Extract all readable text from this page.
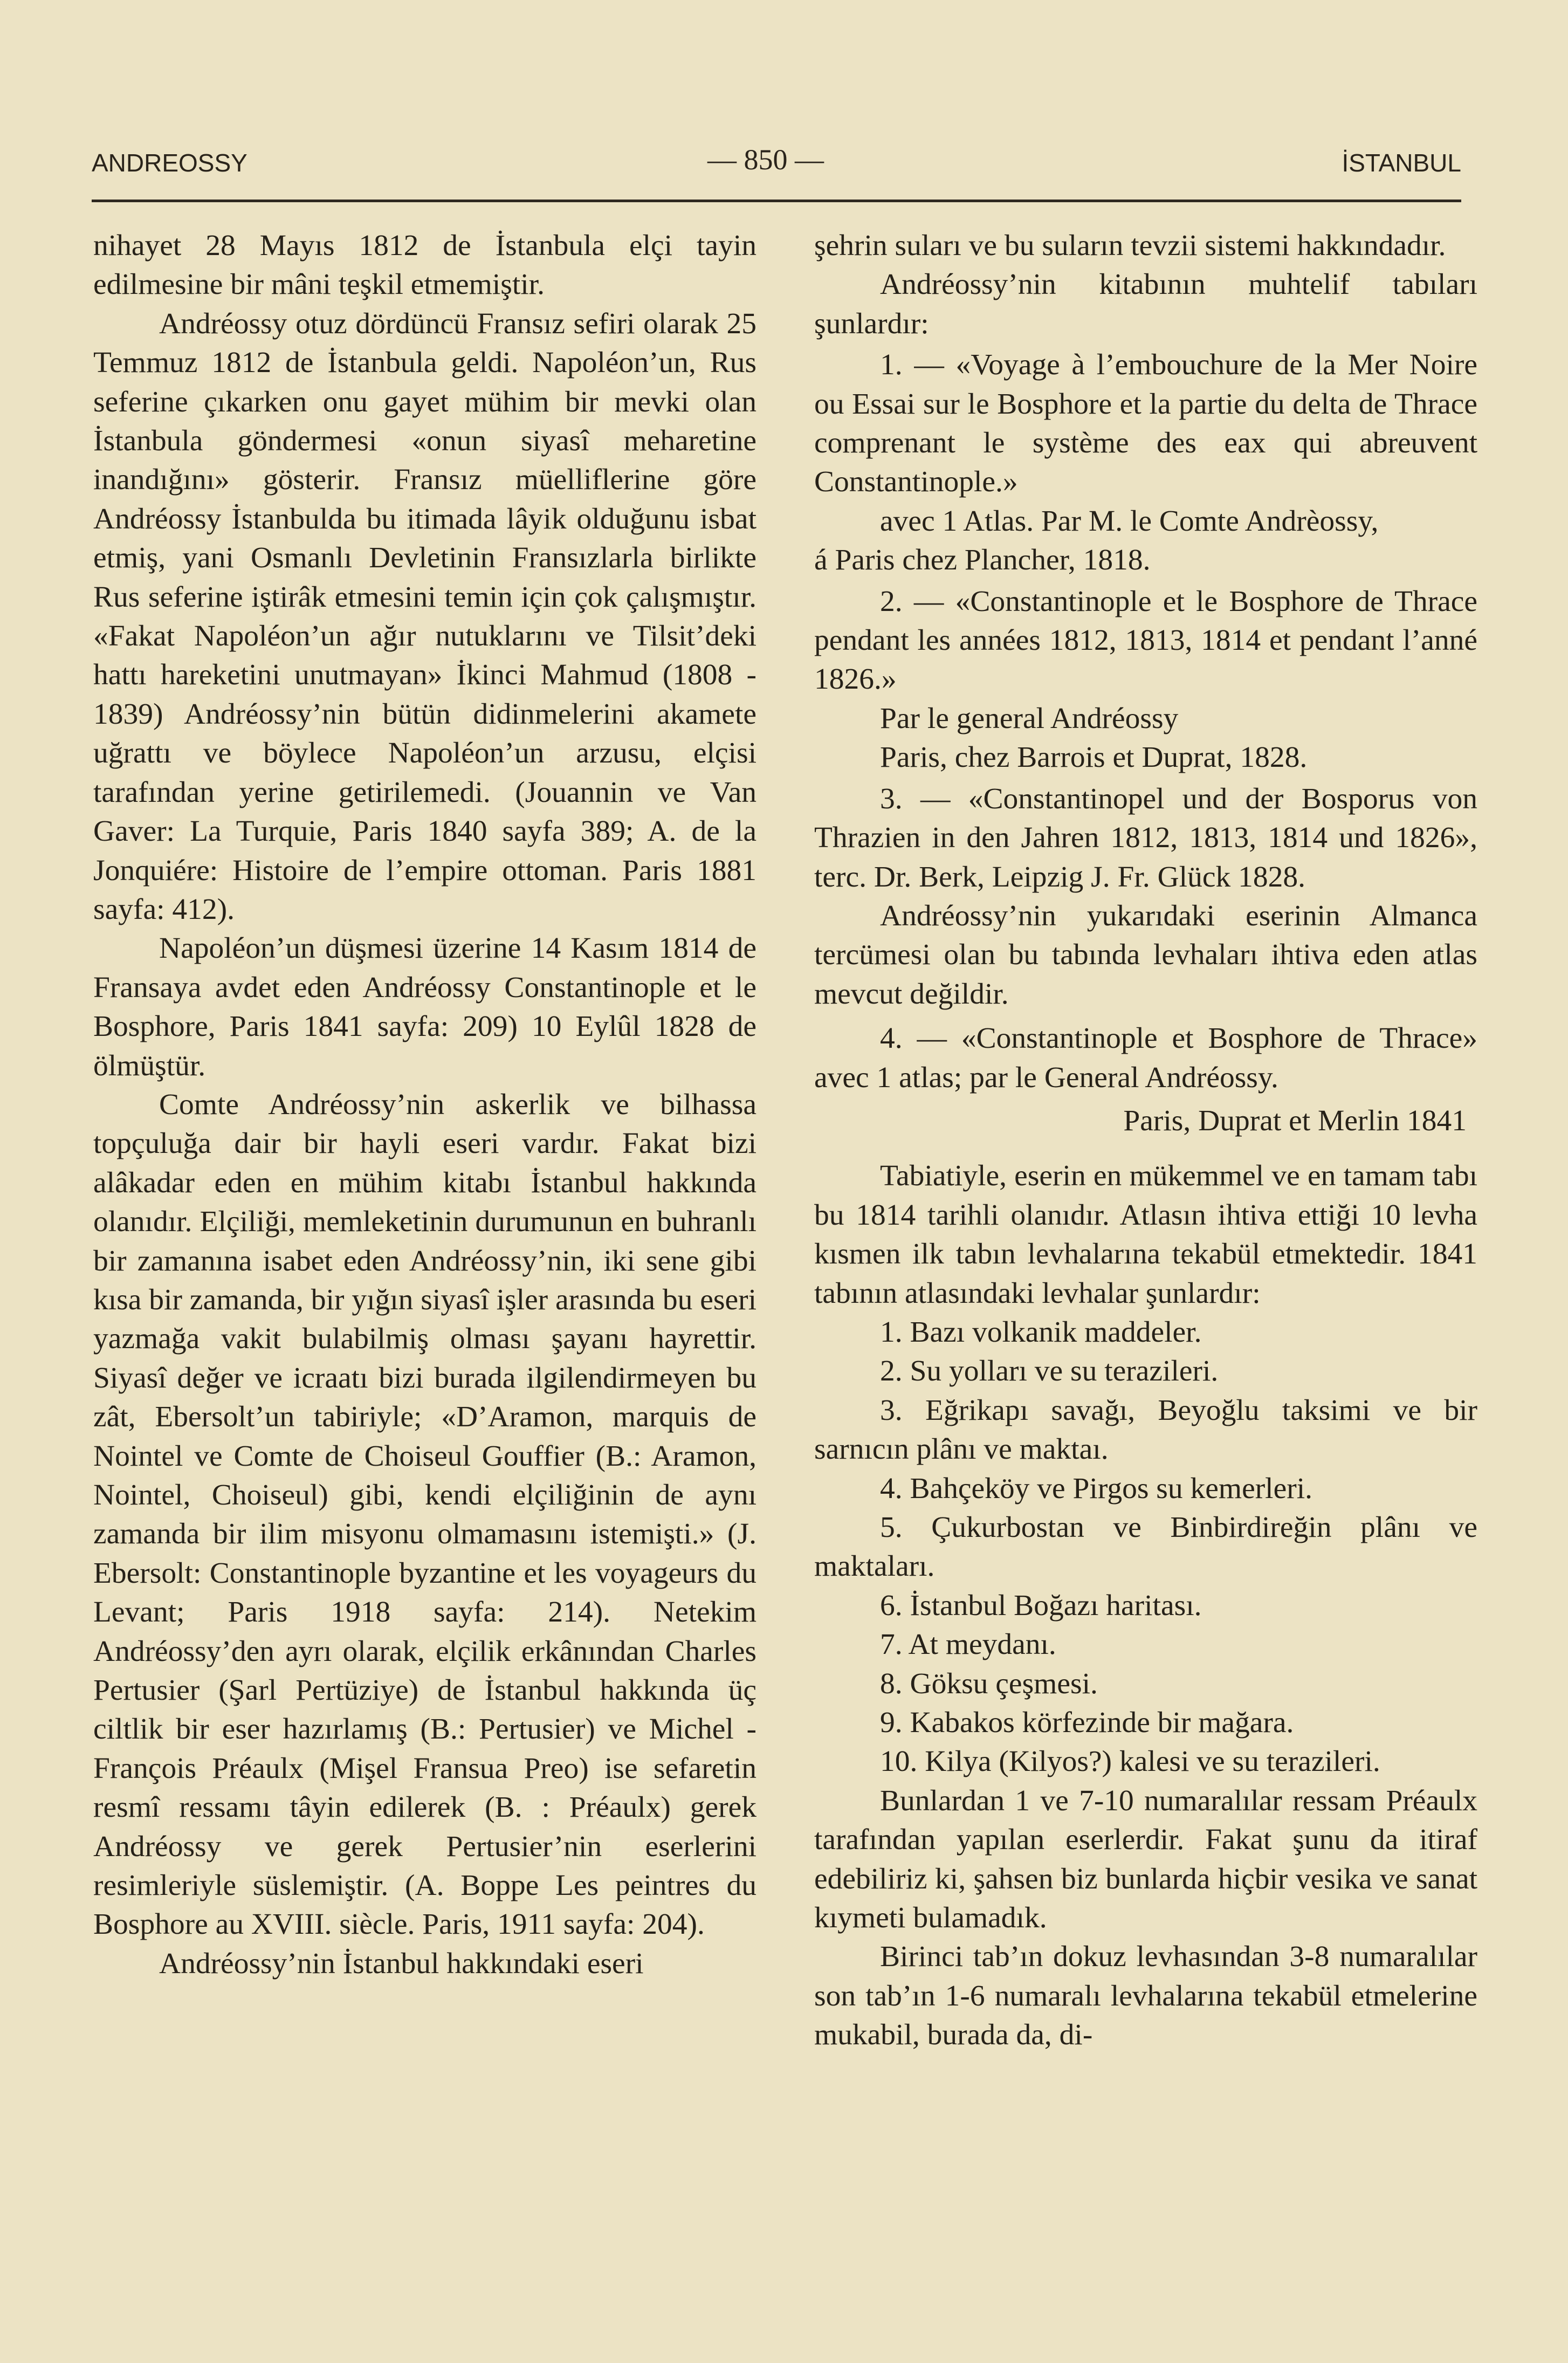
ANDREOSSY	— 850 —	İSTANBUL

nihayet 28 Mayıs 1812 de İstanbula elçi tayin edilmesine bir mâni teşkil etmemiştir.

Andréossy otuz dördüncü Fransız sefiri olarak 25 Temmuz 1812 de İstanbula geldi. Napoléon’un, Rus seferine çıkarken onu gayet mühim bir mevki olan İstanbula göndermesi «onun siyasî meharetine inandığını» gösterir. Fransız müelliflerine göre Andréossy İstanbulda bu itimada lâyik olduğunu isbat etmiş, yani Osmanlı Devletinin Fransızlarla birlikte Rus seferine iştirâk etmesini temin için çok çalışmıştır. «Fakat Napoléon’un ağır nutuklarını ve Tilsit’deki hattı hareketini unutmayan» İkinci Mahmud (1808 - 1839) Andréossy’nin bütün didinmelerini akamete uğrattı ve böylece Napoléon’un arzusu, elçisi tarafından yerine getirilemedi. (Jouannin ve Van Gaver: La Turquie, Paris 1840 sayfa 389; A. de la Jonquiére: Histoire de l’empire ottoman. Paris 1881 sayfa: 412).

Napoléon’un düşmesi üzerine 14 Kasım 1814 de Fransaya avdet eden Andréossy Constantinople et le Bosphore, Paris 1841 sayfa: 209) 10 Eylûl 1828 de ölmüştür.

Comte Andréossy’nin askerlik ve bilhassa topçuluğa dair bir hayli eseri vardır. Fakat bizi alâkadar eden en mühim kitabı İstanbul hakkında olanıdır. Elçiliği, memleketinin durumunun en buhranlı bir zamanına isabet eden Andréossy’nin, iki sene gibi kısa bir zamanda, bir yığın siyasî işler arasında bu eseri yazmağa vakit bulabilmiş olması şayanı hayrettir. Siyasî değer ve icraatı bizi burada ilgilendirmeyen bu zât, Ebersolt’un tabiriyle; «D’Aramon, marquis de Nointel ve Comte de Choiseul Gouffier (B.: Aramon, Nointel, Choiseul) gibi, kendi elçiliğinin de aynı zamanda bir ilim misyonu olmamasını istemişti.» (J. Ebersolt: Constantinople byzantine et les voyageurs du Levant; Paris 1918 sayfa: 214). Netekim Andréossy’den ayrı olarak, elçilik erkânından Charles Pertusier (Şarl Pertüziye) de İstanbul hakkında üç ciltlik bir eser hazırlamış (B.: Pertusier) ve Michel - François Préaulx (Mişel Fransua Preo) ise sefaretin resmî ressamı tâyin edilerek (B. : Préaulx) gerek Andréossy ve gerek Pertusier’nin eserlerini resimleriyle süslemiştir. (A. Boppe Les peintres du Bosphore au XVIII. siècle. Paris, 1911 sayfa: 204).

Andréossy’nin İstanbul hakkındaki eseri

şehrin suları ve bu suların tevzii sistemi hakkındadır.

Andréossy’nin kitabının muhtelif tabıları şunlardır:

1. — «Voyage à l’embouchure de la Mer Noire ou Essai sur le Bosphore et la partie du delta de Thrace comprenant le système des eax qui abreuvent Constantinople.»

avec 1 Atlas. Par M. le Comte Andrèossy,

á Paris chez Plancher, 1818.

2. — «Constantinople et le Bosphore de Thrace pendant les années 1812, 1813, 1814 et pendant l’anné 1826.»

Par le general Andréossy

Paris, chez Barrois et Duprat, 1828.

3. — «Constantinopel und der Bosporus von Thrazien in den Jahren 1812, 1813, 1814 und 1826», terc. Dr. Berk, Leipzig J. Fr. Glück 1828.

Andréossy’nin yukarıdaki eserinin Almanca tercümesi olan bu tabında levhaları ihtiva eden atlas mevcut değildir.

4. — «Constantinople et Bosphore de Thrace» avec 1 atlas; par le General Andréossy.

Paris, Duprat et Merlin 1841

Tabiatiyle, eserin en mükemmel ve en tamam tabı bu 1814 tarihli olanıdır. Atlasın ihtiva ettiği 10 levha kısmen ilk tabın levhalarına tekabül etmektedir. 1841 tabının atlasındaki levhalar şunlardır:

1. Bazı volkanik maddeler.

2. Su yolları ve su terazileri.

3. Eğrikapı savağı, Beyoğlu taksimi ve bir sarnıcın plânı ve maktaı.

4. Bahçeköy ve Pirgos su kemerleri.

5. Çukurbostan ve Binbirdireğin plânı ve maktaları.

6. İstanbul Boğazı haritası.

7. At meydanı.

8. Göksu çeşmesi.

9. Kabakos körfezinde bir mağara.

10. Kilya (Kilyos?) kalesi ve su terazileri.

Bunlardan 1 ve 7-10 numaralılar ressam Préaulx tarafından yapılan eserlerdir. Fakat şunu da itiraf edebiliriz ki, şahsen biz bunlarda hiçbir vesika ve sanat kıymeti bulamadık.

Birinci tab’ın dokuz levhasından 3-8 numaralılar son tab’ın 1-6 numaralı levhalarına tekabül etmelerine mukabil, burada da, di-
